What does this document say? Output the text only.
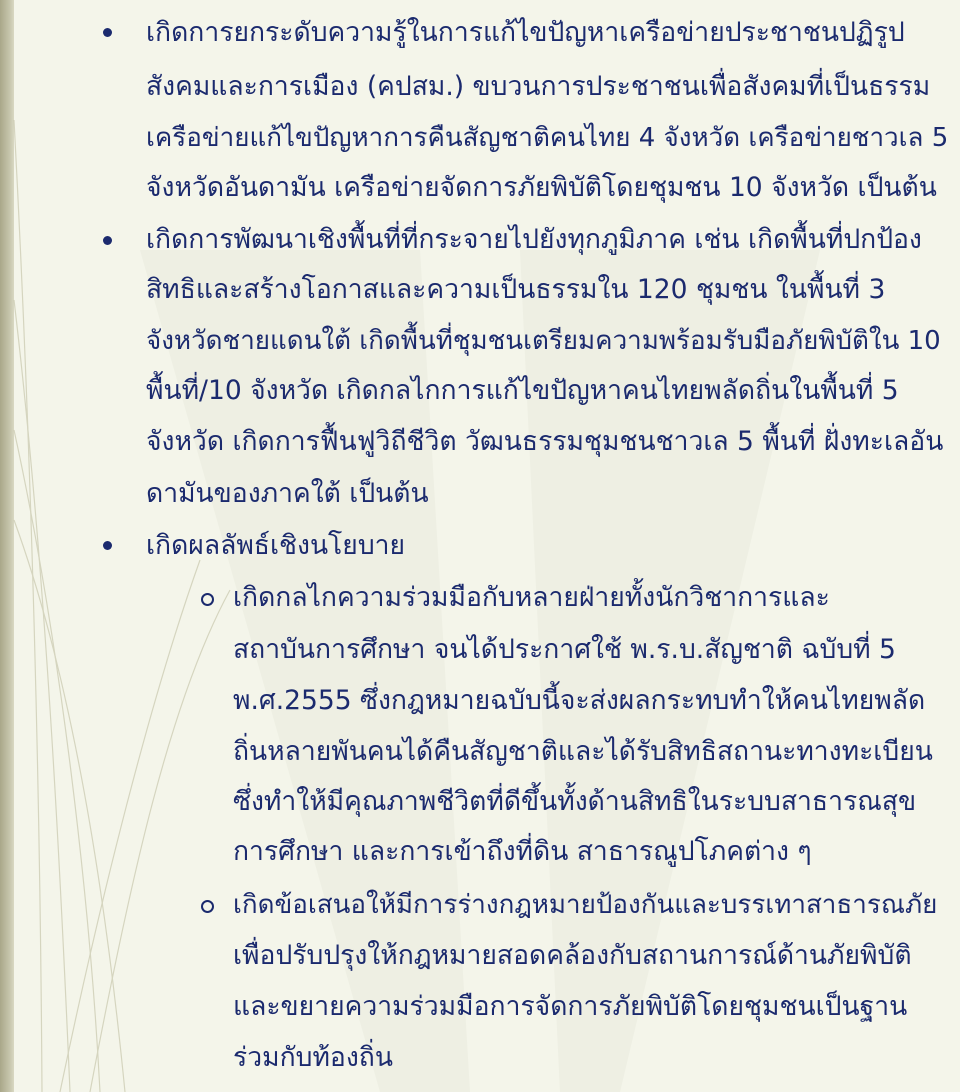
เกิดการยกระดับความรู้ในการแก้ไขปัญหาเครือข่ายประชาชนปฏิรูป
สังคมและการเมือง (คปสม.) ขบวนการประชาชนเพื่อสังคมที่เป็นธรรม
เครือข่ายแก้ไขปัญหาการคืนสัญชาติคนไทย 4 จังหวัด เครือข่ายชาวเล 5
จังหวัดอันดามัน เครือข่ายจัดการภัยพิบัติโดยชุมชน 10 จังหวัด เป็นต้น
เกิดการพัฒนาเชิงพื้นที่ที่กระจายไปยังทุกภูมิภาค เช่น เกิดพื้นที่ปกป้อง
สิทธิและสร้างโอกาสและความเป็นธรรมใน 120 ชุมชน ในพื้นที่ 3
จังหวัดชายแดนใต้ เกิดพื้นที่ชุมชนเตรียมความพร้อมรับมือภัยพิบัติใน 10
พื้นที่/10 จังหวัด เกิดกลไกการแก้ไขปัญหาคนไทยพลัดถิ่นในพื้นที่ 5
จังหวัด เกิดการฟื้นฟูวิถีชีวิต วัฒนธรรมชุมชนชาวเล 5 พื้นที่ ฝั่งทะเลอัน
ดามันของภาคใต้ เป็นต้น
เกิดผลลัพธ์เชิงนโยบาย
เกิดกลไกความร่วมมือกับหลายฝ่ายทั้งนักวิชาการและ
สถาบันการศึกษา จนได้ประกาศใช้ พ.ร.บ.สัญชาติ ฉบับที่ 5
พ.ศ.2555 ซึ่งกฎหมายฉบับนี้จะส่งผลกระทบทำให้คนไทยพลัด
ถิ่นหลายพันคนได้คืนสัญชาติและได้รับสิทธิสถานะทางทะเบียน
ซึ่งทำให้มีคุณภาพชีวิตที่ดีขึ้นทั้งด้านสิทธิในระบบสาธารณสุข
การศึกษา และการเข้าถึงที่ดิน สาธารณูปโภคต่าง ๆ
เกิดข้อเสนอให้มีการร่างกฎหมายป้องกันและบรรเทาสาธารณภัย
เพื่อปรับปรุงให้กฎหมายสอดคล้องกับสถานการณ์ด้านภัยพิบัติ
และขยายความร่วมมือการจัดการภัยพิบัติโดยชุมชนเป็นฐาน
ร่วมกับท้องถิ่น
